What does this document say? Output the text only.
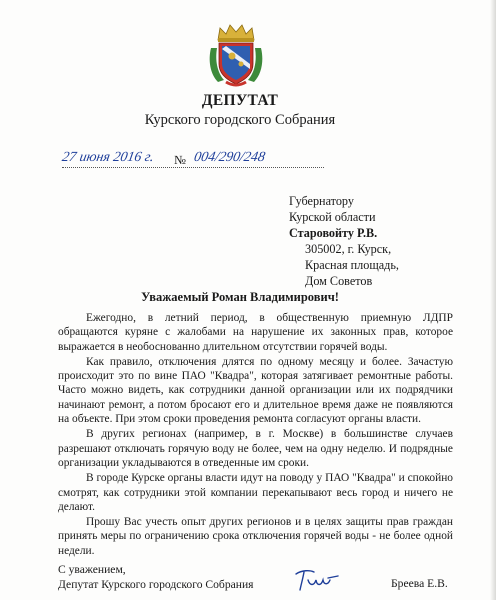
ДЕПУТАТ
Курского городского Собрания
27 июня 2016 г. № 004/290/248
Губернатору
Курской области
Старовойту Р.В.
305002, г. Курск,
Красная площадь,
Дом Советов
Уважаемый Роман Владимирович!

Ежегодно, в летний период, в общественную приемную ЛДПР обращаются куряне с жалобами на нарушение их законных прав, которое выражается в необоснованно длительном отсутствии горячей воды.

Как правило, отключения длятся по одному месяцу и более. Зачастую происходит это по вине ПАО "Квадра", которая затягивает ремонтные работы. Часто можно видеть, как сотрудники данной организации или их подрядчики начинают ремонт, а потом бросают его и длительное время даже не появляются на объекте. При этом сроки проведения ремонта согласуют органы власти.

В других регионах (например, в г. Москве) в большинстве случаев разрешают отключать горячую воду не более, чем на одну неделю. И подрядные организации укладываются в отведенные им сроки.

В городе Курске органы власти идут на поводу у ПАО "Квадра" и спокойно смотрят, как сотрудники этой компании перекапывают весь город и ничего не делают.

Прошу Вас учесть опыт других регионов и в целях защиты прав граждан принять меры по ограничению срока отключения горячей воды - не более одной недели.

С уважением,
Депутат Курского городского Собрания	Бреева Е.В.
